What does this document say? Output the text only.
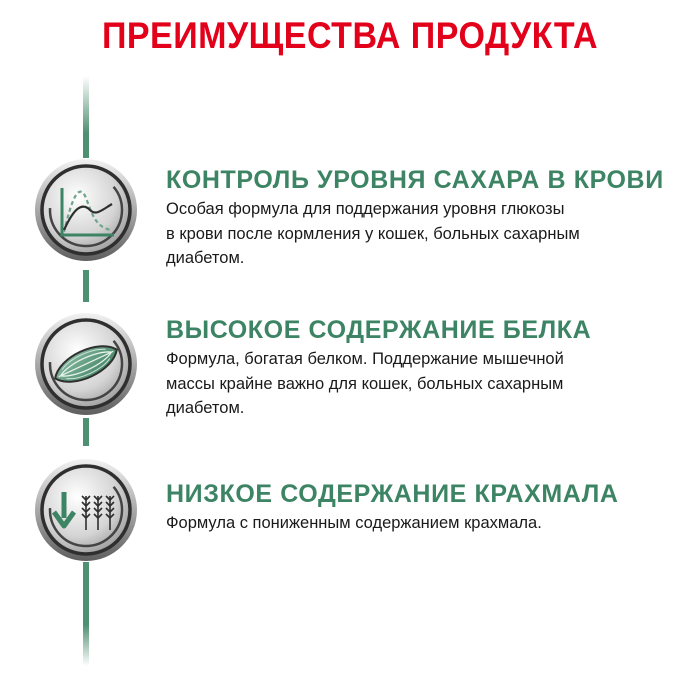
ПРЕИМУЩЕСТВА ПРОДУКТА
КОНТРОЛЬ УРОВНЯ САХАРА В КРОВИ
Особая формула для поддержания уровня глюкозы
в крови после кормления у кошек, больных сахарным
диабетом.
ВЫСОКОЕ СОДЕРЖАНИЕ БЕЛКА
Формула, богатая белком. Поддержание мышечной
массы крайне важно для кошек, больных сахарным
диабетом.
НИЗКОЕ СОДЕРЖАНИЕ КРАХМАЛА
Формула с пониженным содержанием крахмала.
